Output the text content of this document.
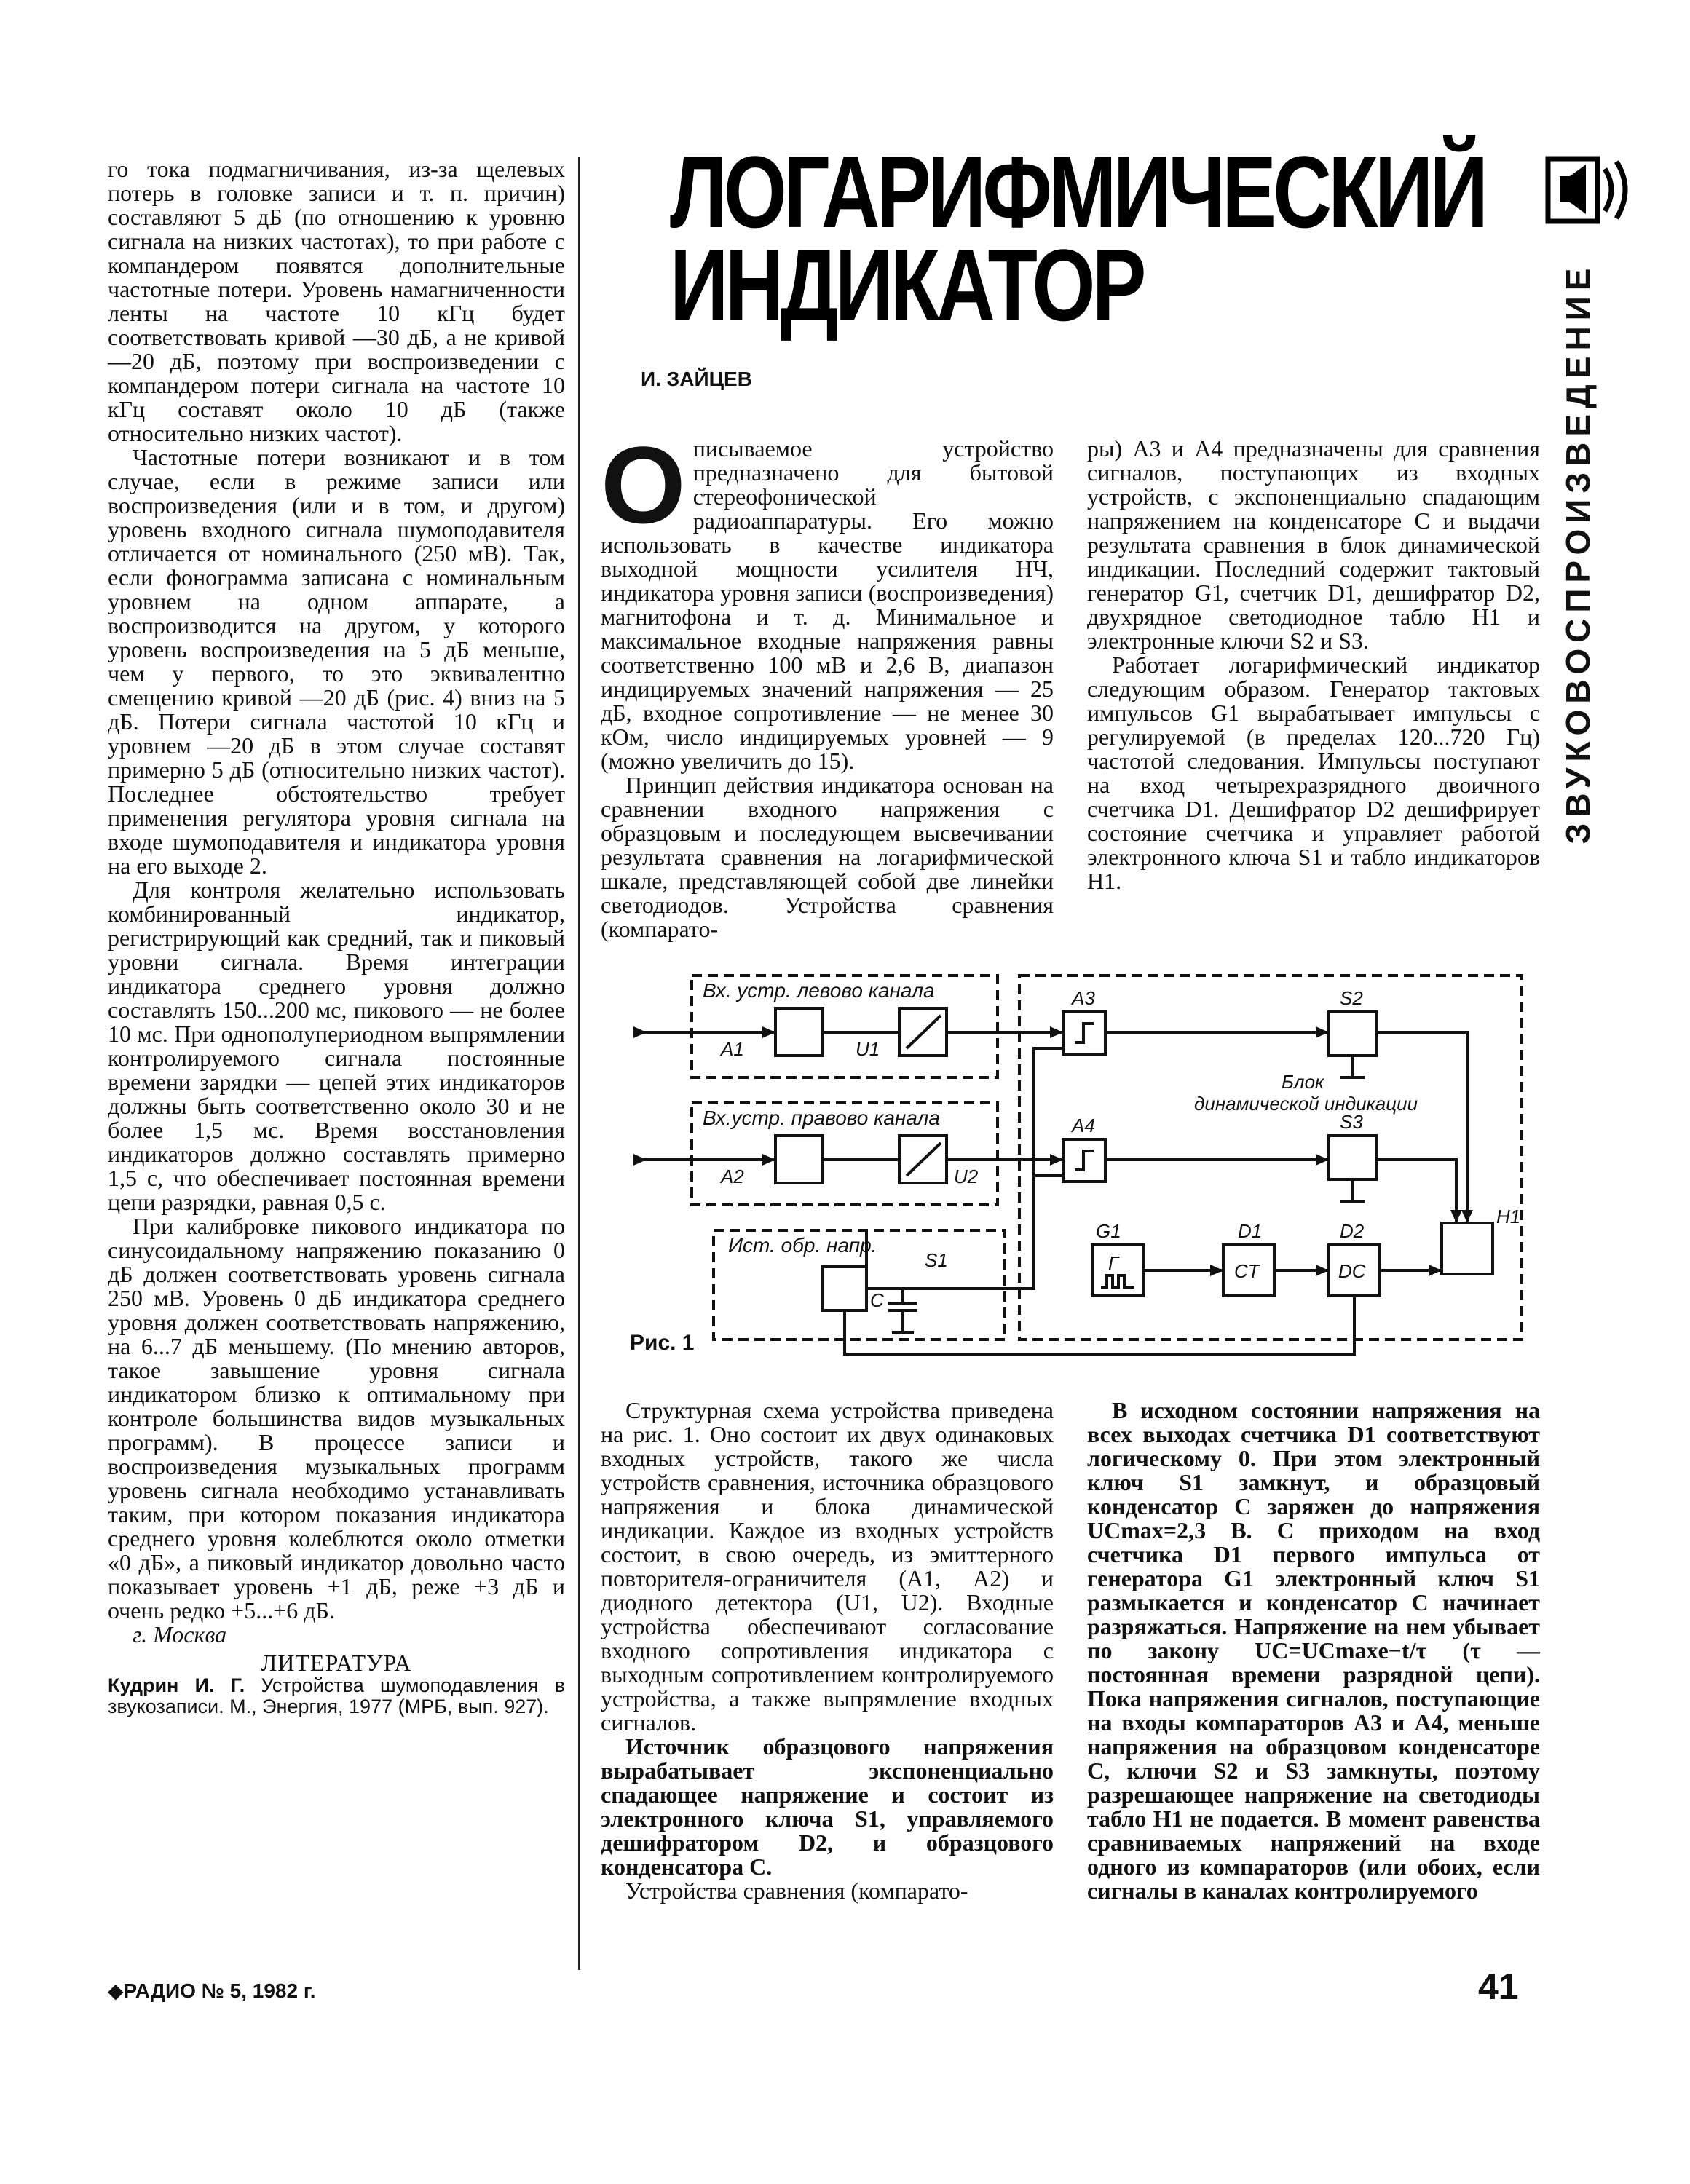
ЛОГАРИФМИЧЕСКИЙ
ИНДИКАТОР	ЗВУКОВОСПРОИЗВЕДЕНИЕ
И. ЗАЙЦЕВ

го тока подмагничивания, из-за щелевых потерь в головке записи и т. п. причин) составляют 5 дБ (по отношению к уровню сигнала на низких частотах), то при работе с компандером появятся дополнительные частотные потери. Уровень намагниченности ленты на частоте 10 кГц будет соответствовать кривой —30 дБ, а не кривой —20 дБ, поэтому при воспроизведении с компандером потери сигнала на частоте 10 кГц составят около 10 дБ (также относительно низких частот).

Частотные потери возникают и в том случае, если в режиме записи или воспроизведения (или и в том, и другом) уровень входного сигнала шумоподавителя отличается от номинального (250 мВ). Так, если фонограмма записана с номинальным уровнем на одном аппарате, а воспроизводится на другом, у которого уровень воспроизведения на 5 дБ меньше, чем у первого, то это эквивалентно смещению кривой —20 дБ (рис. 4) вниз на 5 дБ. Потери сигнала частотой 10 кГц и уровнем —20 дБ в этом случае составят примерно 5 дБ (относительно низких частот). Последнее обстоятельство требует применения регулятора уровня сигнала на входе шумоподавителя и индикатора уровня на его выходе 2.

Для контроля желательно использовать комбинированный индикатор, регистрирующий как средний, так и пиковый уровни сигнала. Время интеграции индикатора среднего уровня должно составлять 150...200 мс, пикового — не более 10 мс. При однополупериодном выпрямлении контролируемого сигнала постоянные времени зарядки — цепей этих индикаторов должны быть соответственно около 30 и не более 1,5 мс. Время восстановления индикаторов должно составлять примерно 1,5 с, что обеспечивает постоянная времени цепи разрядки, равная 0,5 с.

При калибровке пикового индикатора по синусоидальному напряжению показанию 0 дБ должен соответствовать уровень сигнала 250 мВ. Уровень 0 дБ индикатора среднего уровня должен соответствовать напряжению, на 6...7 дБ меньшему. (По мнению авторов, такое завышение уровня сигнала индикатором близко к оптимальному при контроле большинства видов музыкальных программ). В процессе записи и воспроизведения музыкальных программ уровень сигнала необходимо устанавливать таким, при котором показания индикатора среднего уровня колеблются около отметки «0 дБ», а пиковый индикатор довольно часто показывает уровень +1 дБ, реже +3 дБ и очень редко +5...+6 дБ.

г. Москва

ЛИТЕРАТУРА

Кудрин И. Г. Устройства шумоподавления в звукозаписи. М., Энергия, 1977 (МРБ, вып. 927).

Описываемое устройство предназначено для бытовой стереофонической радиоаппаратуры. Его можно использовать в качестве индикатора выходной мощности усилителя НЧ, индикатора уровня записи (воспроизведения) магнитофона и т. д. Минимальное и максимальное входные напряжения равны соответственно 100 мВ и 2,6 В, диапазон индицируемых значений напряжения — 25 дБ, входное сопротивление — не менее 30 кОм, число индицируемых уровней — 9 (можно увеличить до 15).

Принцип действия индикатора основан на сравнении входного напряжения с образцовым и последующем высвечивании результата сравнения на логарифмической шкале, представляющей собой две линейки светодиодов. Устройства сравнения (компарато-

ры) А3 и А4 предназначены для сравнения сигналов, поступающих из входных устройств, с экспоненциально спадающим напряжением на конденсаторе С и выдачи результата сравнения в блок динамической индикации. Последний содержит тактовый генератор G1, счетчик D1, дешифратор D2, двухрядное светодиодное табло H1 и электронные ключи S2 и S3.

Работает логарифмический индикатор следующим образом. Генератор тактовых импульсов G1 вырабатывает импульсы с регулируемой (в пределах 120...720 Гц) частотой следования. Импульсы поступают на вход четырехразрядного двоичного счетчика D1. Дешифратор D2 дешифрирует состояние счетчика и управляет работой электронного ключа S1 и табло индикаторов H1.

А1	U1
А2	U2
А3
А4
S2
S3
S1
C
G1	D1	D2
H1
Г	CT	DC
Блок
динамической индикации
Вх. устр. левово канала
Вх.устр. правово канала
Ист. обр. напр.
Рис. 1

Структурная схема устройства приведена на рис. 1. Оно состоит их двух одинаковых входных устройств, такого же числа устройств сравнения, источника образцового напряжения и блока динамической индикации. Каждое из входных устройств состоит, в свою очередь, из эмиттерного повторителя-ограничителя (А1, А2) и диодного детектора (U1, U2). Входные устройства обеспечивают согласование входного сопротивления индикатора с выходным сопротивлением контролируемого устройства, а также выпрямление входных сигналов.

Источник образцового напряжения вырабатывает экспоненциально спадающее напряжение и состоит из электронного ключа S1, управляемого дешифратором D2, и образцового конденсатора С.

Устройства сравнения (компарато-

В исходном состоянии напряжения на всех выходах счетчика D1 соответствуют логическому 0. При этом электронный ключ S1 замкнут, и образцовый конденсатор С заряжен до напряжения UCmax=2,3 В. С приходом на вход счетчика D1 первого импульса от генератора G1 электронный ключ S1 размыкается и конденсатор С начинает разряжаться. Напряжение на нем убывает по закону UC=UCmaxe−t/τ (τ — постоянная времени разрядной цепи). Пока напряжения сигналов, поступающие на входы компараторов А3 и А4, меньше напряжения на образцовом конденсаторе С, ключи S2 и S3 замкнуты, поэтому разрешающее напряжение на светодиоды табло H1 не подается. В момент равенства сравниваемых напряжений на входе одного из компараторов (или обоих, если сигналы в каналах контролируемого

◆РАДИО № 5, 1982 г.	41
